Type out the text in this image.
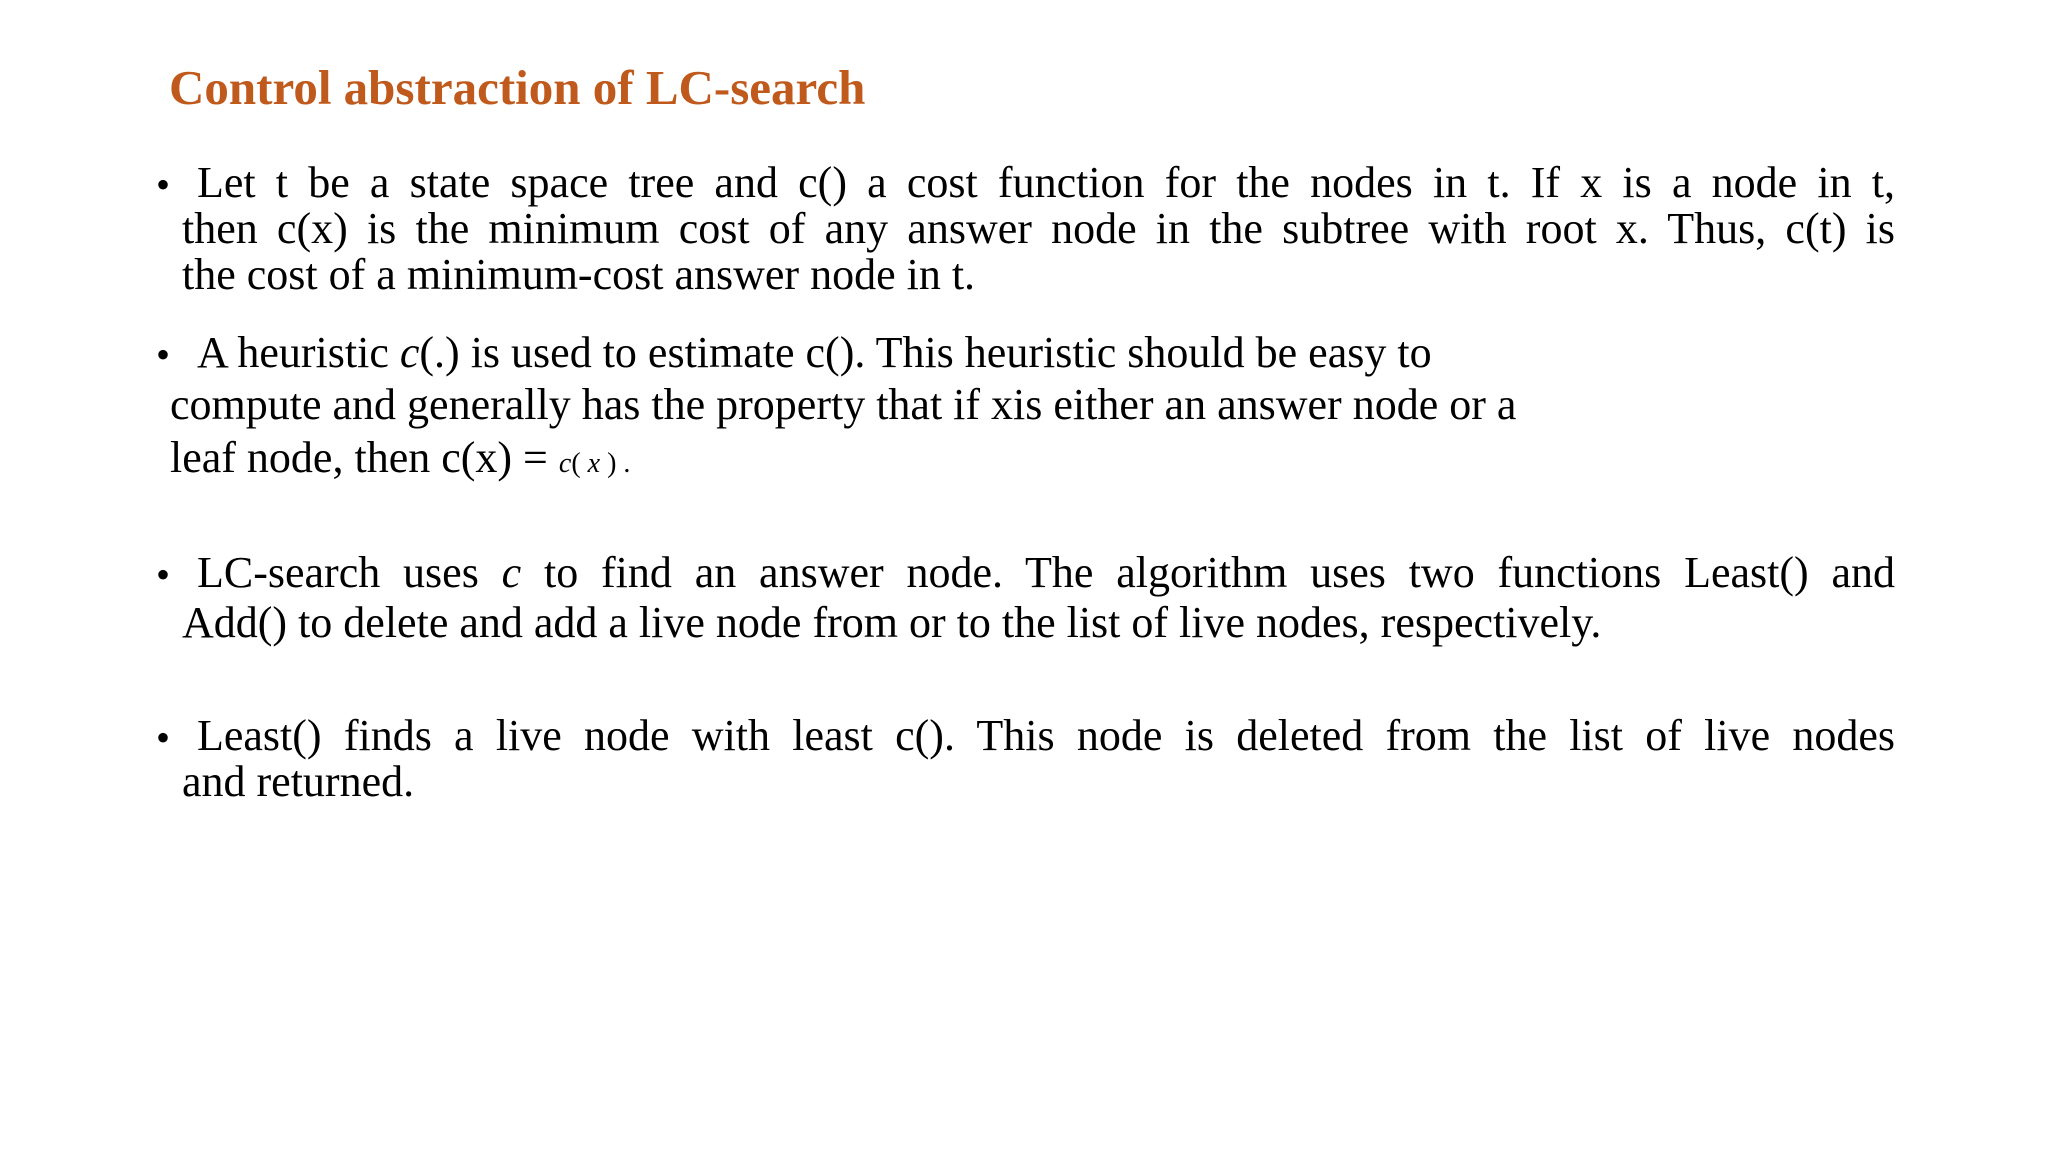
Control abstraction of LC-search
• Let t be a state space tree and c() a cost function for the nodes in t. If x is a node in t,
then c(x) is the minimum cost of any answer node in the subtree with root x. Thus, c(t) is
the cost of a minimum-cost answer node in t.
• A heuristic c(.) is used to estimate c(). This heuristic should be easy to
compute and generally has the property that if xis either an answer node or a
leaf node, then c(x) = c( x ) .
• LC-search uses c to find an answer node. The algorithm uses two functions Least() and
Add() to delete and add a live node from or to the list of live nodes, respectively.
• Least() finds a live node with least c(). This node is deleted from the list of live nodes
and returned.
